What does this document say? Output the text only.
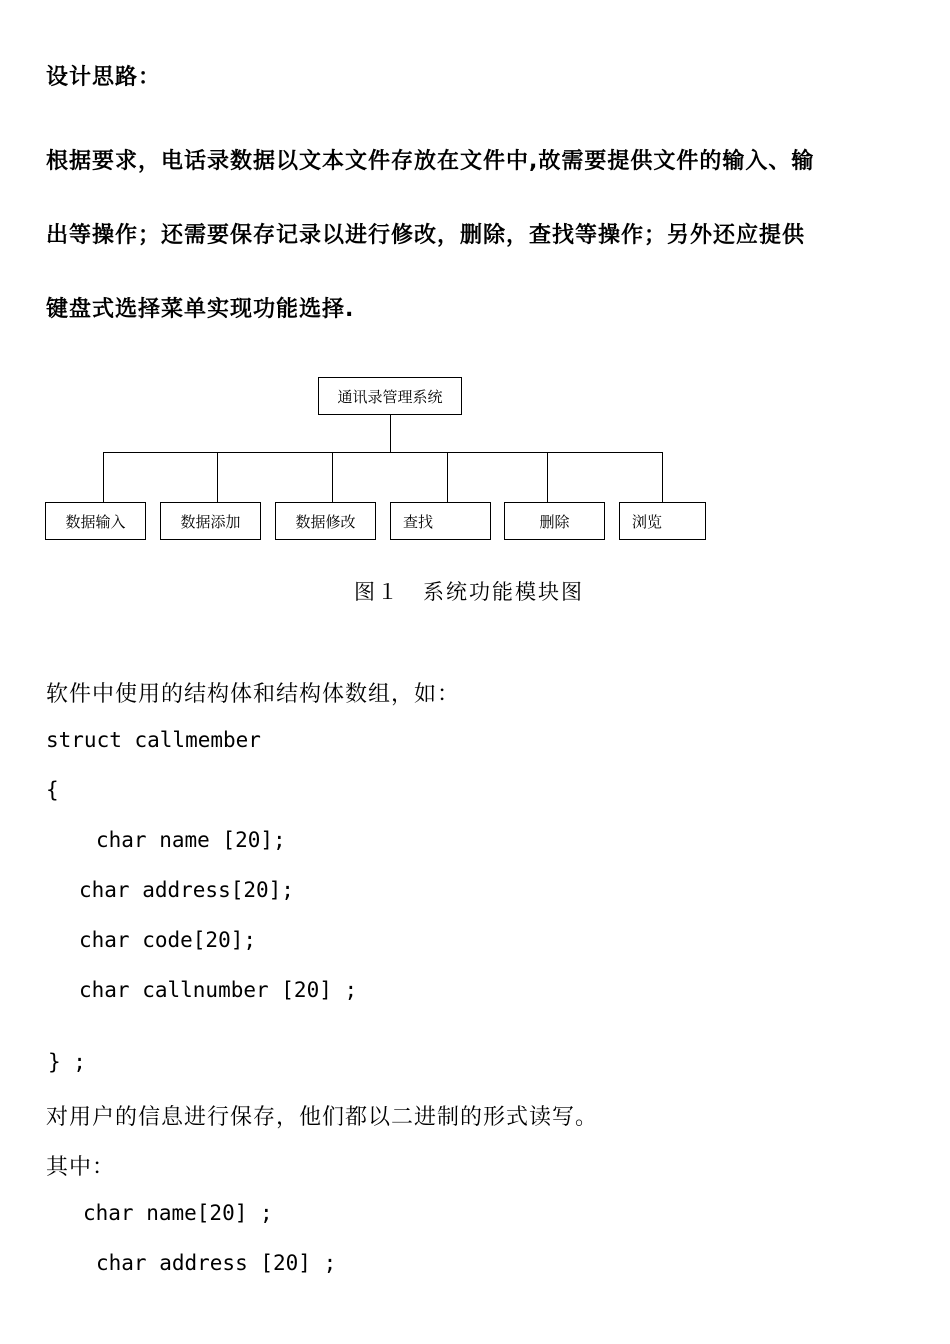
设计思路：
根据要求，电话录数据以文本文件存放在文件中,故需要提供文件的输入、输
出等操作；还需要保存记录以进行修改，删除，查找等操作；另外还应提供
键盘式选择菜单实现功能选择.
通讯录管理系统
数据输入	数据添加	数据修改	查找	删除	浏览
图１　系统功能模块图
软件中使用的结构体和结构体数组，如：
struct callmember
{
char name [20];
char address[20];
char code[20];
char callnumber [20] ;
} ;
对用户的信息进行保存，他们都以二进制的形式读写。
其中：
char name[20] ;
char address [20] ;
